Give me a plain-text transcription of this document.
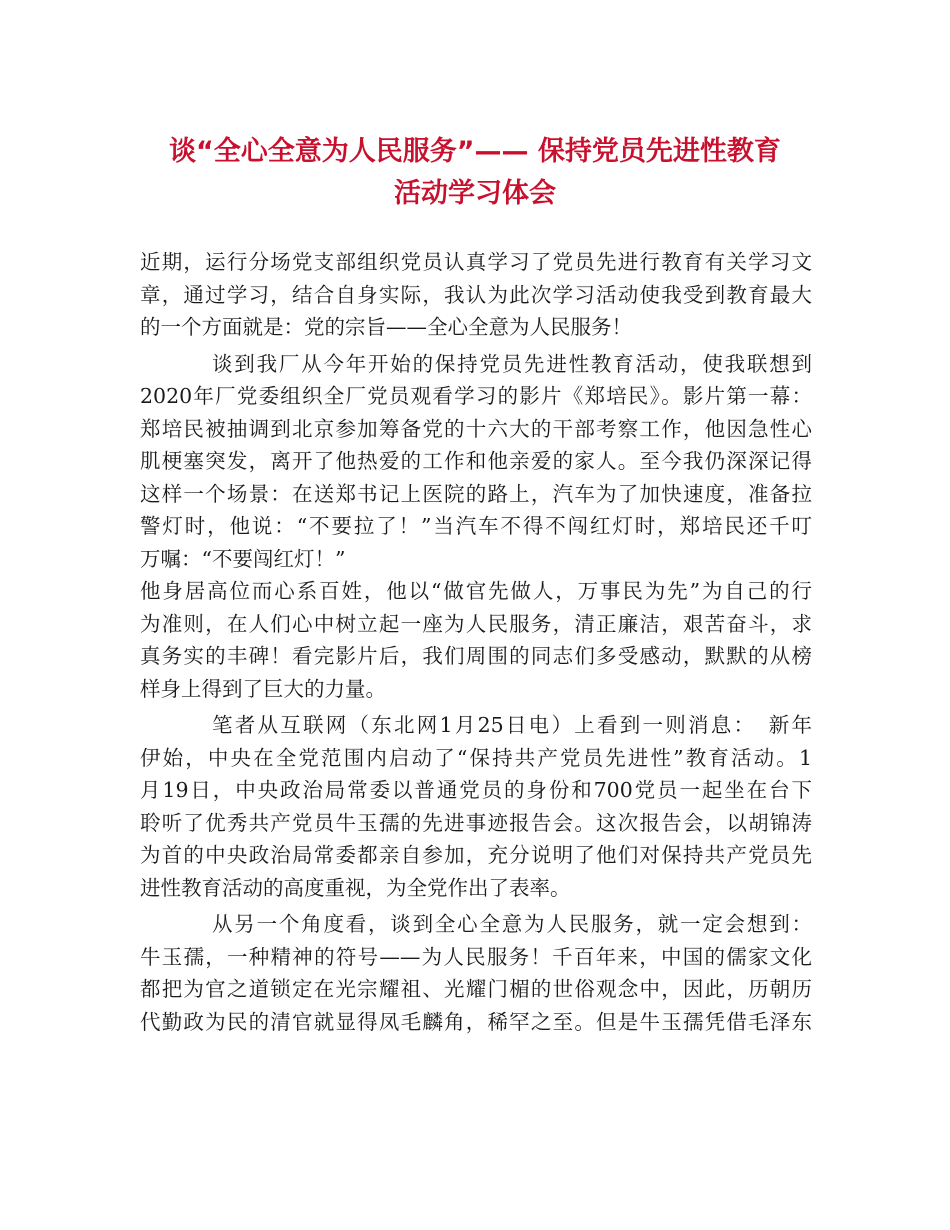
谈“全心全意为人民服务”—— 保持党员先进性教育
活动学习体会
近期，运行分场党支部组织党员认真学习了党员先进行教育有关学习文
章，通过学习，结合自身实际，我认为此次学习活动使我受到教育最大
的一个方面就是：党的宗旨——全心全意为人民服务！
谈到我厂从今年开始的保持党员先进性教育活动，使我联想到
2020年厂党委组织全厂党员观看学习的影片《郑培民》。影片第一幕：
郑培民被抽调到北京参加筹备党的十六大的干部考察工作，他因急性心
肌梗塞突发，离开了他热爱的工作和他亲爱的家人。至今我仍深深记得
这样一个场景：在送郑书记上医院的路上，汽车为了加快速度，准备拉
警灯时，他说：“不要拉了！”当汽车不得不闯红灯时，郑培民还千叮
万嘱：“不要闯红灯！”
他身居高位而心系百姓，他以“做官先做人，万事民为先”为自己的行
为准则，在人们心中树立起一座为人民服务，清正廉洁，艰苦奋斗，求
真务实的丰碑！看完影片后，我们周围的同志们多受感动，默默的从榜
样身上得到了巨大的力量。
笔者从互联网（东北网1月25日电）上看到一则消息：　新年
伊始，中央在全党范围内启动了“保持共产党员先进性”教育活动。1
月19日，中央政治局常委以普通党员的身份和700党员一起坐在台下
聆听了优秀共产党员牛玉孺的先进事迹报告会。这次报告会，以胡锦涛
为首的中央政治局常委都亲自参加，充分说明了他们对保持共产党员先
进性教育活动的高度重视，为全党作出了表率。
从另一个角度看，谈到全心全意为人民服务，就一定会想到：
牛玉孺，一种精神的符号——为人民服务！千百年来，中国的儒家文化
都把为官之道锁定在光宗耀祖、光耀门楣的世俗观念中，因此，历朝历
代勤政为民的清官就显得凤毛麟角，稀罕之至。但是牛玉孺凭借毛泽东
